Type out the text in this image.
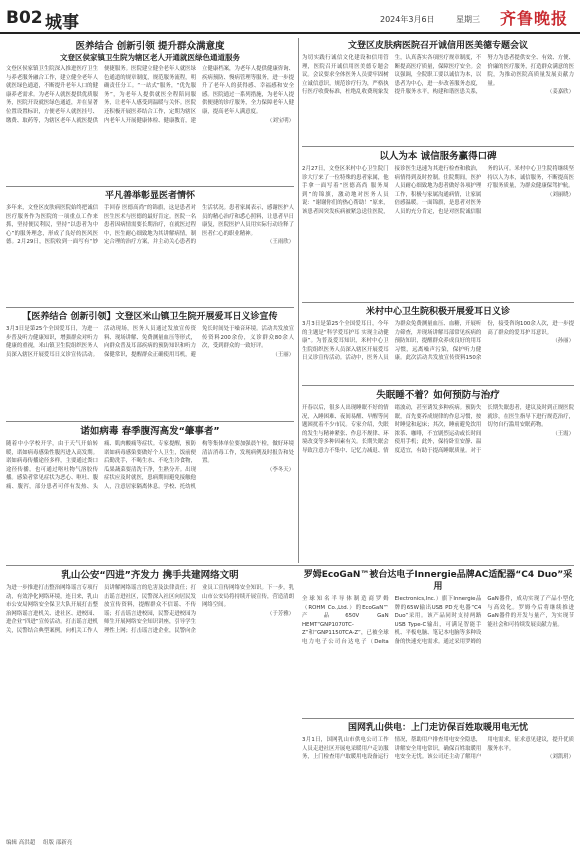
B02 城事	2024年3月6日	星期三 齐鲁晚报
医养结合 创新引领 提升群众满意度
文登区侯家镇卫生院为辖区老人开通就医绿色通道服务
文登区侯家镇卫生院深入推进医疗卫生与养老服务融合工作，建立健全老年人就医绿色通道，不断提升老年人口的健康养老需求。为老年人就医提供优质服务，医院开设就医绿色通道，并在显著位置设置标识，方便老年人就医挂号、缴费、取药等，为辖区老年人就医提供便捷服务。医院建立健全老年人就医绿色通道的规章制度，规范服务流程，明确责任分工。“一站式”服务，“优先服务”，为老年人提供就医全程陪同服务，让老年人感受到温暖与关怀。医院还积极开展医养结合工作，定期为辖区内老年人开展健康体检、健康教育，建立健康档案，为老年人提供健康咨询、疾病预防、慢病管理等服务，进一步提升了老年人的获得感、幸福感和安全感。医院通过一系列措施，为老年人提供便捷的诊疗服务，全力保障老年人健康，提高老年人满意度。
（刘宝明）
平凡善举彰显医者情怀
多年来，文登区皮肤病医院始终把诚信医疗服务作为医院的一项重点工作来抓，坚持便民利民，坚持“以患者为中心”的服务理念，形成了良好的医风医德。2月29日，医院收到一面写有“妙手回春 医德高尚”的锦旗，这是患者对医生医术与医德的最好肯定。医院一名患者因病情需要长期治疗，在就医过程中，医生耐心细致地为其讲解病情，制定合理的治疗方案，并主动关心患者的生活状况。患者家属表示，感谢医护人员的精心治疗和悉心照料，让患者早日康复，医院医护人员用实际行动诠释了医者仁心的职业精神。
（王雨欣）
【医养结合 创新引领】文登区米山镇卫生院开展爱耳日义诊宣传
3月3日是第25个全国爱耳日，为进一步普及听力健康知识，增强群众对听力健康的重视，米山镇卫生院组织医务人员深入辖区开展爱耳日义诊宣传活动。活动现场，医务人员通过发放宣传资料、现场讲解、免费测量血压等形式，向群众普及耳部疾病的预防知识和听力保健常识，提醒群众正确使用耳机，避免长时间处于噪音环境。活动共发放宣传资料200余份，义诊群众80余人次，受到群众的一致好评。
（王丽）
诺如病毒 春季腹泻高发“肇事者”
随着中小学校开学，由于天气开始转暖，诺如病毒感染性腹泻进入高发期。诺如病毒传播途径多样，主要通过粪口途径传播，也可通过呕吐物气溶胶传播。感染者常见症状为恶心、呕吐、腹痛、腹泻，部分患者可伴有发热、头痛、肌肉酸痛等症状。专家提醒，预防诺如病毒感染要做好个人卫生，饭前便后勤洗手，不喝生水、不吃生冷食物，瓜果蔬菜要清洗干净，生熟分开。出现症状应及时就医，患病期间避免接触他人，注意居家隔离休息。学校、托幼机构等集体单位要加强晨午检，做好环境清洁消毒工作，发现病例及时报告和处置。
（李冬天）
乳山公安“四进”齐发力 携手共建网络文明
为进一步推进打击整治网络谣言专项行动，有效净化网络环境，连日来，乳山市公安局网络安全保卫大队开展打击整治网络谣言进机关、进社区、进校园、进企业“四进”宣传活动。打击谣言进机关，民警结合典型案例，向机关工作人员讲解网络谣言的危害及法律责任；打击谣言进社区，民警深入社区向居民发放宣传资料，提醒群众不信谣、不传谣；打击谣言进校园，民警走进校园为师生开展网络安全知识讲座，引导学生理性上网；打击谣言进企业，民警向企业员工宣传网络安全知识。下一步，乳山市公安局将持续开展宣传，营造清朗网络空间。
（于芳雅）
文登区皮肤病医院召开诚信用医美德专题会议
为切实践行诚信文化建设和信用管理，医院召开诚信用医美德专题会议。会议要求全体医务人员要牢固树立诚信意识，规范诊疗行为，严格执行医疗收费标准，杜绝乱收费现象发生，认真落实各项医疗规章制度，不断提高医疗质量，保障医疗安全。会议强调，全院职工要以诚信为本，以患者为中心，进一步改善服务态度，提升服务水平，构建和谐医患关系，努力为患者提供安全、有效、方便、价廉的医疗服务，打造群众满意的医院，为推动医院高质量发展贡献力量。
（姜嘉欣）
以人为本 诚信服务赢得口碑
2月27日，文登区米村中心卫生院门诊大厅来了一位特殊的患者家属，他手拿一面写着“医德高尚 服务周到”的锦旗，激动地对医务人员说：“谢谢你们的热心帮助！”原来，该患者因突发疾病被紧急送往医院，接诊医生迅速为其进行检查和救治，病情得到及时控制。住院期间，医护人员耐心细致地为患者做好各项护理工作，积极与家属沟通病情，让家属倍感温暖。一面锦旗，是患者对医务人员的充分肯定，也是对医院诚信服务的认可。米村中心卫生院将继续坚持以人为本，诚信服务，不断提高医疗服务质量，为群众健康保驾护航。
（刘丽晓）
米村中心卫生院积极开展爱耳日义诊
3月3日是第25个全国爱耳日，今年的主题是“科学爱耳护耳 实现主动健康”。为普及爱耳知识，米村中心卫生院组织医务人员深入辖区开展爱耳日义诊宣传活动。活动中，医务人员为群众免费测量血压、血糖，开展听力筛查，并现场讲解耳部常见疾病的预防知识，提醒群众养成良好的用耳习惯，远离噪声污染，保护听力健康。此次活动共发放宣传资料150余份，接受咨询100余人次，进一步提高了群众的爱耳护耳意识。
（孙丽）
失眠睡不着？如何预防与治疗
开春以后，很多人出现睡眠不好的情况，入睡困难、夜间易醒、早醒等问题困扰着不少市民。专家介绍，失眠的发生与精神紧张、作息不规律、环境改变等多种因素有关。长期失眠会导致注意力不集中、记忆力减退、情绪波动，甚至诱发多种疾病。预防失眠，首先要养成规律的作息习惯，按时睡觉和起床；其次，睡前避免饮用浓茶、咖啡，不宜剧烈运动或长时间使用手机；此外，保持卧室安静、温度适宜，有助于提高睡眠质量。对于长期失眠患者，建议及时到正规医院就诊，在医生指导下进行规范治疗，切勿自行滥用安眠药物。
（王霞）
罗姆EcoGaN™被台达电子Innergie品牌AC适配器“C4 Duo”采用
全球知名半导体制造商罗姆（ROHM Co.,Ltd.）的EcoGaN™产品650V GaN HEMT“GNP1070TC-Z”和“GNP1150TCA-Z”，已被全球电力电子公司台达电子（Delta Electronics,Inc.）旗下Innergie品牌的65W输出USB PD充电器“C4 Duo”采用。该产品同时支持两路USB Type-C输出，可满足智能手机、平板电脑、笔记本电脑等多种设备的快速充电需求。通过采用罗姆的GaN器件，成功实现了产品小型化与高效化。罗姆今后将继续推进GaN器件的开发与量产，为实现节能社会和可持续发展贡献力量。
国网乳山供电：上门走访保百姓取暖用电无忧
3月1日，国网乳山市供电公司工作人员走进社区开展电采暖用户走访服务，上门检查用户取暖用电设备运行情况，帮助用户排查用电安全隐患，讲解安全用电常识，确保百姓取暖用电安全无忧。该公司还主动了解用户用电需求，征求意见建议，提升优质服务水平。
（刘凯玥）
编辑 高洪超 组版 邵新亮
